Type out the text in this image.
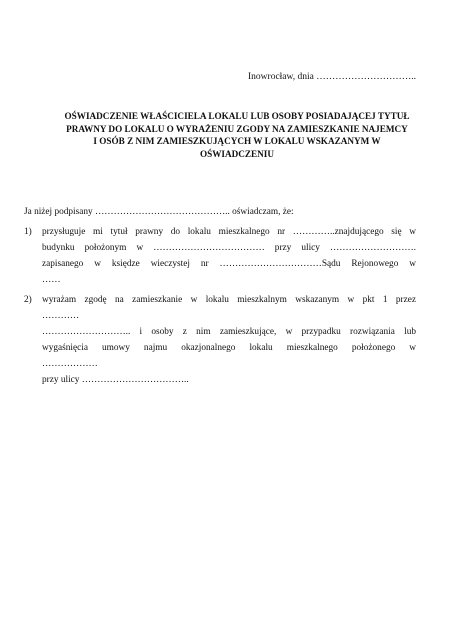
Inowrocław, dnia …………………………..
OŚWIADCZENIE WŁAŚCICIELA LOKALU LUB OSOBY POSIADAJĄCEJ TYTUŁ
PRAWNY DO LOKALU O WYRAŻENIU ZGODY NA ZAMIESZKANIE NAJEMCY
I OSÓB Z NIM ZAMIESZKUJĄCYCH W LOKALU WSKAZANYM W
OŚWIADCZENIU
Ja niżej podpisany …………………………………….. oświadczam, że:
1)	przysługuje mi tytuł prawny do lokalu mieszkalnego nr …………..znajdującego się w
budynku położonym w ……………………………… przy ulicy ……………………….
zapisanego w księdze wieczystej nr ……………………………Sądu Rejonowego w
……
2)	wyrażam zgodę na zamieszkanie w lokalu mieszkalnym wskazanym w pkt 1 przez
…………
……………………….. i osoby z nim zamieszkujące, w przypadku rozwiązania lub
wygaśnięcia umowy najmu okazjonalnego lokalu mieszkalnego położonego w
………………
przy ulicy ……………………………..
